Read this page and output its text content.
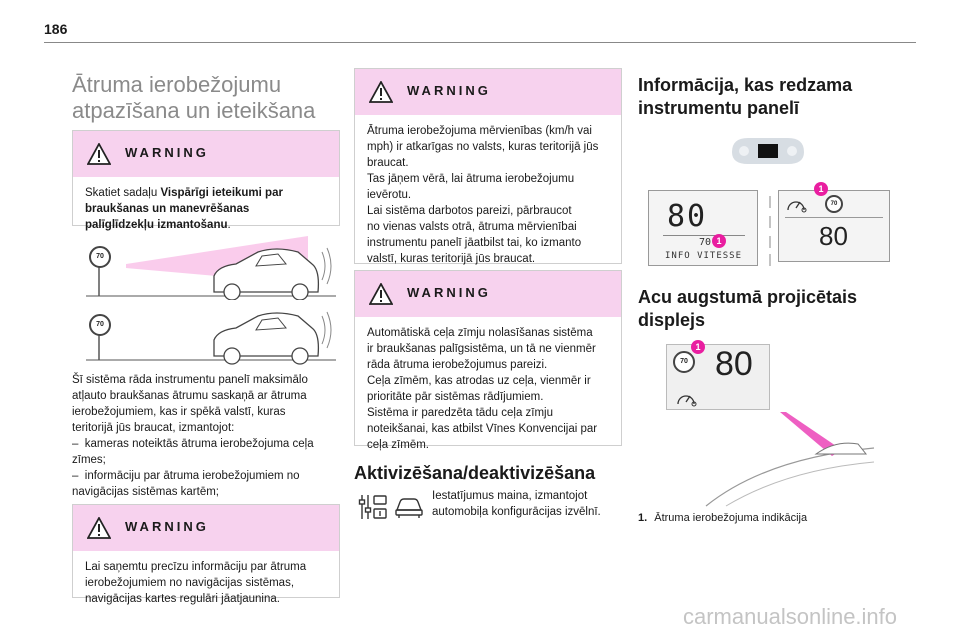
186
Ātruma ierobežojumu
atpazīšana un ieteikšana
WARNING
Skatiet sadaļu Vispārīgi ieteikumi par
braukšanas un manevrēšanas
palīglīdzekļu izmantošanu.
70
70
Šī sistēma rāda instrumentu panelī maksimālo
atļauto braukšanas ātrumu saskaņā ar ātruma
ierobežojumiem, kas ir spēkā valstī, kuras
teritorijā jūs braucat, izmantojot:
–  kameras noteiktās ātruma ierobežojuma ceļa
zīmes;
–  informāciju par ātruma ierobežojumiem no
navigācijas sistēmas kartēm;
WARNING
Lai saņemtu precīzu informāciju par ātruma
ierobežojumiem no navigācijas sistēmas,
navigācijas kartes regulāri jāatjaunina.
WARNING
Ātruma ierobežojuma mērvienības (km/h vai
mph) ir atkarīgas no valsts, kuras teritorijā jūs
braucat.
Tas jāņem vērā, lai ātruma ierobežojumu
ievērotu.
Lai sistēma darbotos pareizi, pārbraucot
no vienas valsts otrā, ātruma mērvienībai
instrumentu panelī jāatbilst tai, ko izmanto
valstī, kuras teritorijā jūs braucat.
WARNING
Automātiskā ceļa zīmju nolasīšanas sistēma
ir braukšanas palīgsistēma, un tā ne vienmēr
rāda ātruma ierobežojumus pareizi.
Ceļa zīmēm, kas atrodas uz ceļa, vienmēr ir
prioritāte pār sistēmas rādījumiem.
Sistēma ir paredzēta tādu ceļa zīmju
noteikšanai, kas atbilst Vīnes Konvencijai par
ceļa zīmēm.
Aktivizēšana/deaktivizēšana
Iestatījumus maina, izmantojot
automobiļa konfigurācijas izvēlnī.
Informācija, kas redzama
instrumentu panelī
80
70 1
INFO VITESSE
1
70
80
Acu augstumā projicētais
displejs
70
1 80
1. Ātruma ierobežojuma indikācija
carmanualsonline.info
